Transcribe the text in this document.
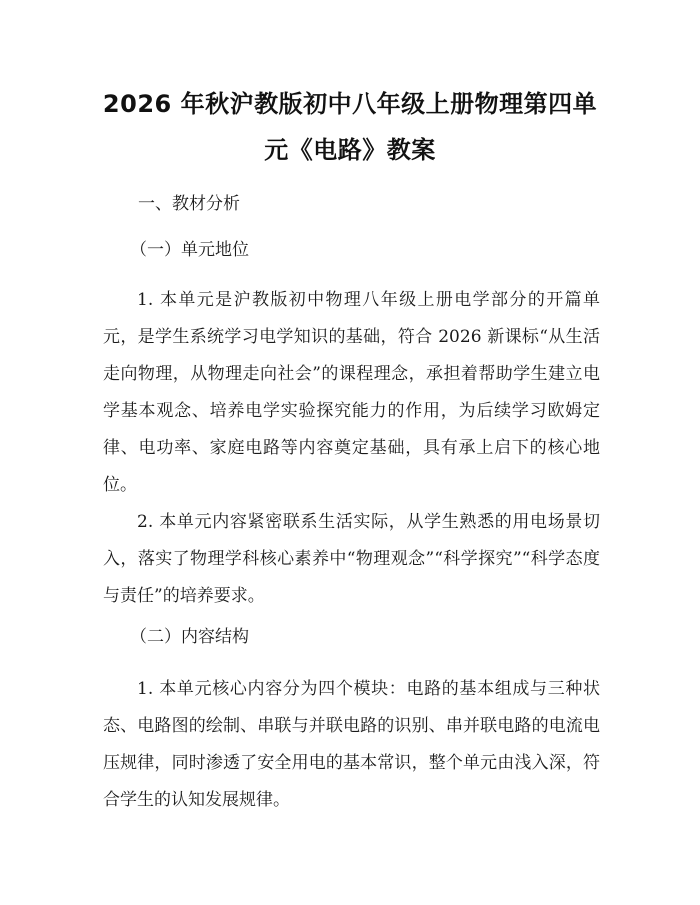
2026 年秋沪教版初中八年级上册物理第四单
元《电路》教案
一、教材分析
（一）单元地位

1. 本单元是沪教版初中物理八年级上册电学部分的开篇单元，是学生系统学习电学知识的基础，符合 2026 新课标“从生活走向物理，从物理走向社会”的课程理念，承担着帮助学生建立电学基本观念、培养电学实验探究能力的作用，为后续学习欧姆定律、电功率、家庭电路等内容奠定基础，具有承上启下的核心地位。

2. 本单元内容紧密联系生活实际，从学生熟悉的用电场景切入，落实了物理学科核心素养中“物理观念”“科学探究”“科学态度与责任”的培养要求。

（二）内容结构

1. 本单元核心内容分为四个模块：电路的基本组成与三种状态、电路图的绘制、串联与并联电路的识别、串并联电路的电流电压规律，同时渗透了安全用电的基本常识，整个单元由浅入深，符合学生的认知发展规律。
